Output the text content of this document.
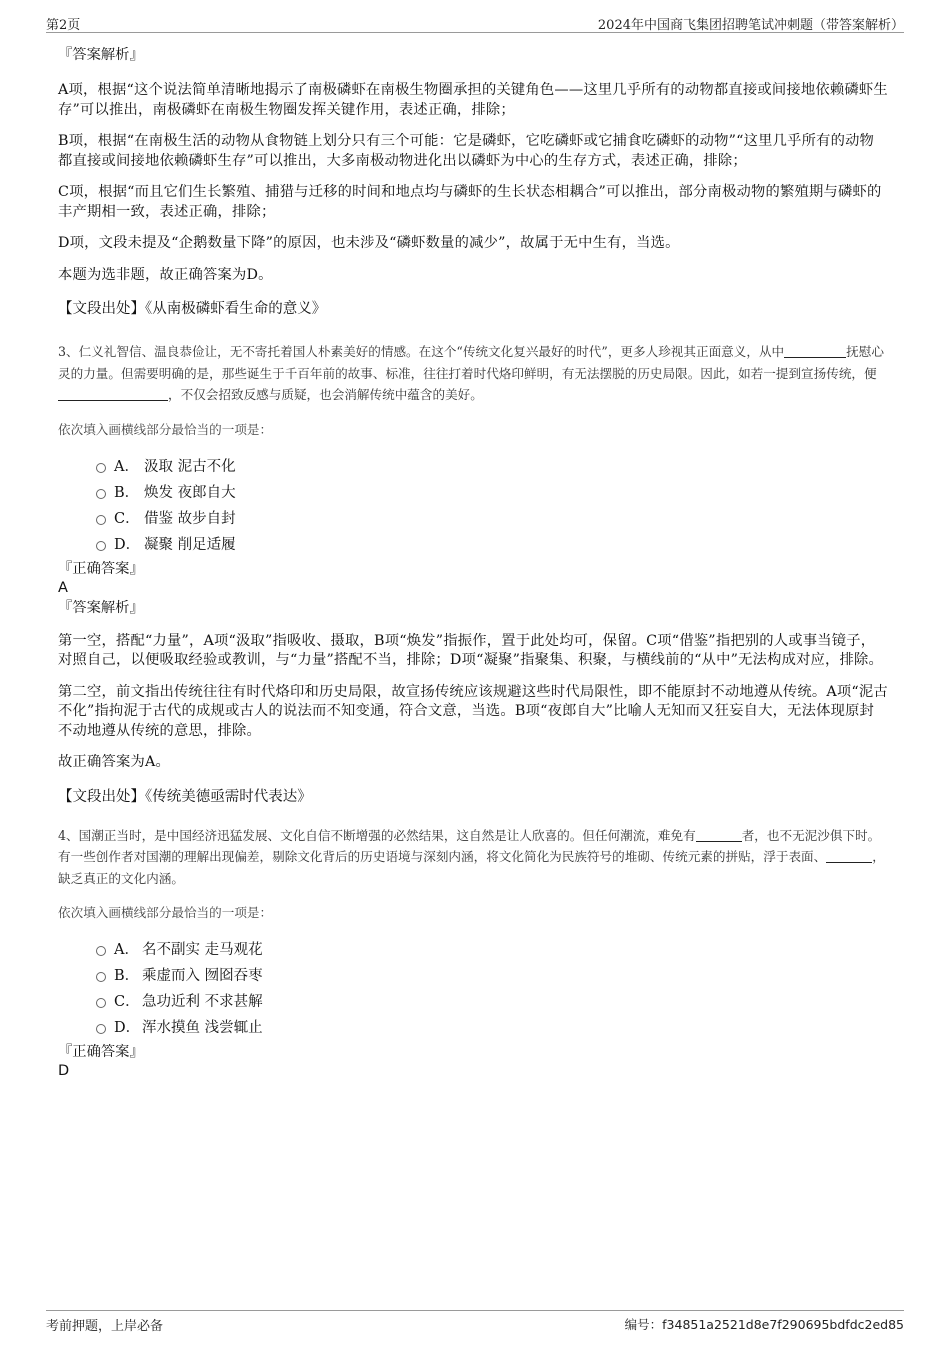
第2页	2024年中国商飞集团招聘笔试冲刺题（带答案解析）

『答案解析』

A项，根据“这个说法简单清晰地揭示了南极磷虾在南极生物圈承担的关键角色——这里几乎所有的动物都直接或间接地依赖磷虾生存”可以推出，南极磷虾在南极生物圈发挥关键作用，表述正确，排除；

B项，根据“在南极生活的动物从食物链上划分只有三个可能：它是磷虾，它吃磷虾或它捕食吃磷虾的动物”“这里几乎所有的动物都直接或间接地依赖磷虾生存”可以推出，大多南极动物进化出以磷虾为中心的生存方式，表述正确，排除；

C项，根据“而且它们生长繁殖、捕猎与迁移的时间和地点均与磷虾的生长状态相耦合”可以推出，部分南极动物的繁殖期与磷虾的丰产期相一致，表述正确，排除；

D项，文段未提及“企鹅数量下降”的原因，也未涉及“磷虾数量的减少”，故属于无中生有，当选。

本题为选非题，故正确答案为D。

【文段出处】《从南极磷虾看生命的意义》

3、仁义礼智信、温良恭俭让，无不寄托着国人朴素美好的情感。在这个“传统文化复兴最好的时代”，更多人珍视其正面意义，从中	抚慰心灵的力量。但需要明确的是，那些诞生于千百年前的故事、标准，往往打着时代烙印鲜明，有无法摆脱的历史局限。因此，如若一提到宣扬传统，便，不仅会招致反感与质疑，也会消解传统中蕴含的美好。

依次填入画横线部分最恰当的一项是：

A． 汲取 泥古不化
B． 焕发 夜郎自大
C． 借鉴 故步自封
D． 凝聚 削足适履

『正确答案』

A

『答案解析』

第一空，搭配“力量”，A项“汲取”指吸收、摄取，B项“焕发”指振作，置于此处均可，保留。C项“借鉴”指把别的人或事当镜子，对照自己，以便吸取经验或教训，与“力量”搭配不当，排除；D项“凝聚”指聚集、积聚，与横线前的“从中”无法构成对应，排除。

第二空，前文指出传统往往有时代烙印和历史局限，故宣扬传统应该规避这些时代局限性，即不能原封不动地遵从传统。A项“泥古不化”指拘泥于古代的成规或古人的说法而不知变通，符合文意，当选。B项“夜郎自大”比喻人无知而又狂妄自大，无法体现原封不动地遵从传统的意思，排除。

故正确答案为A。

【文段出处】《传统美德亟需时代表达》

4、国潮正当时，是中国经济迅猛发展、文化自信不断增强的必然结果，这自然是让人欣喜的。但任何潮流，难免有	者，也不无泥沙俱下时。有一些创作者对国潮的理解出现偏差，剔除文化背后的历史语境与深刻内涵，将文化简化为民族符号的堆砌、传统元素的拼贴，浮于表面、	，缺乏真正的文化内涵。

依次填入画横线部分最恰当的一项是：

A． 名不副实 走马观花
B． 乘虚而入 囫囵吞枣
C． 急功近利 不求甚解
D． 浑水摸鱼 浅尝辄止

『正确答案』

D

考前押题，上岸必备	编号：f34851a2521d8e7f290695bdfdc2ed85
